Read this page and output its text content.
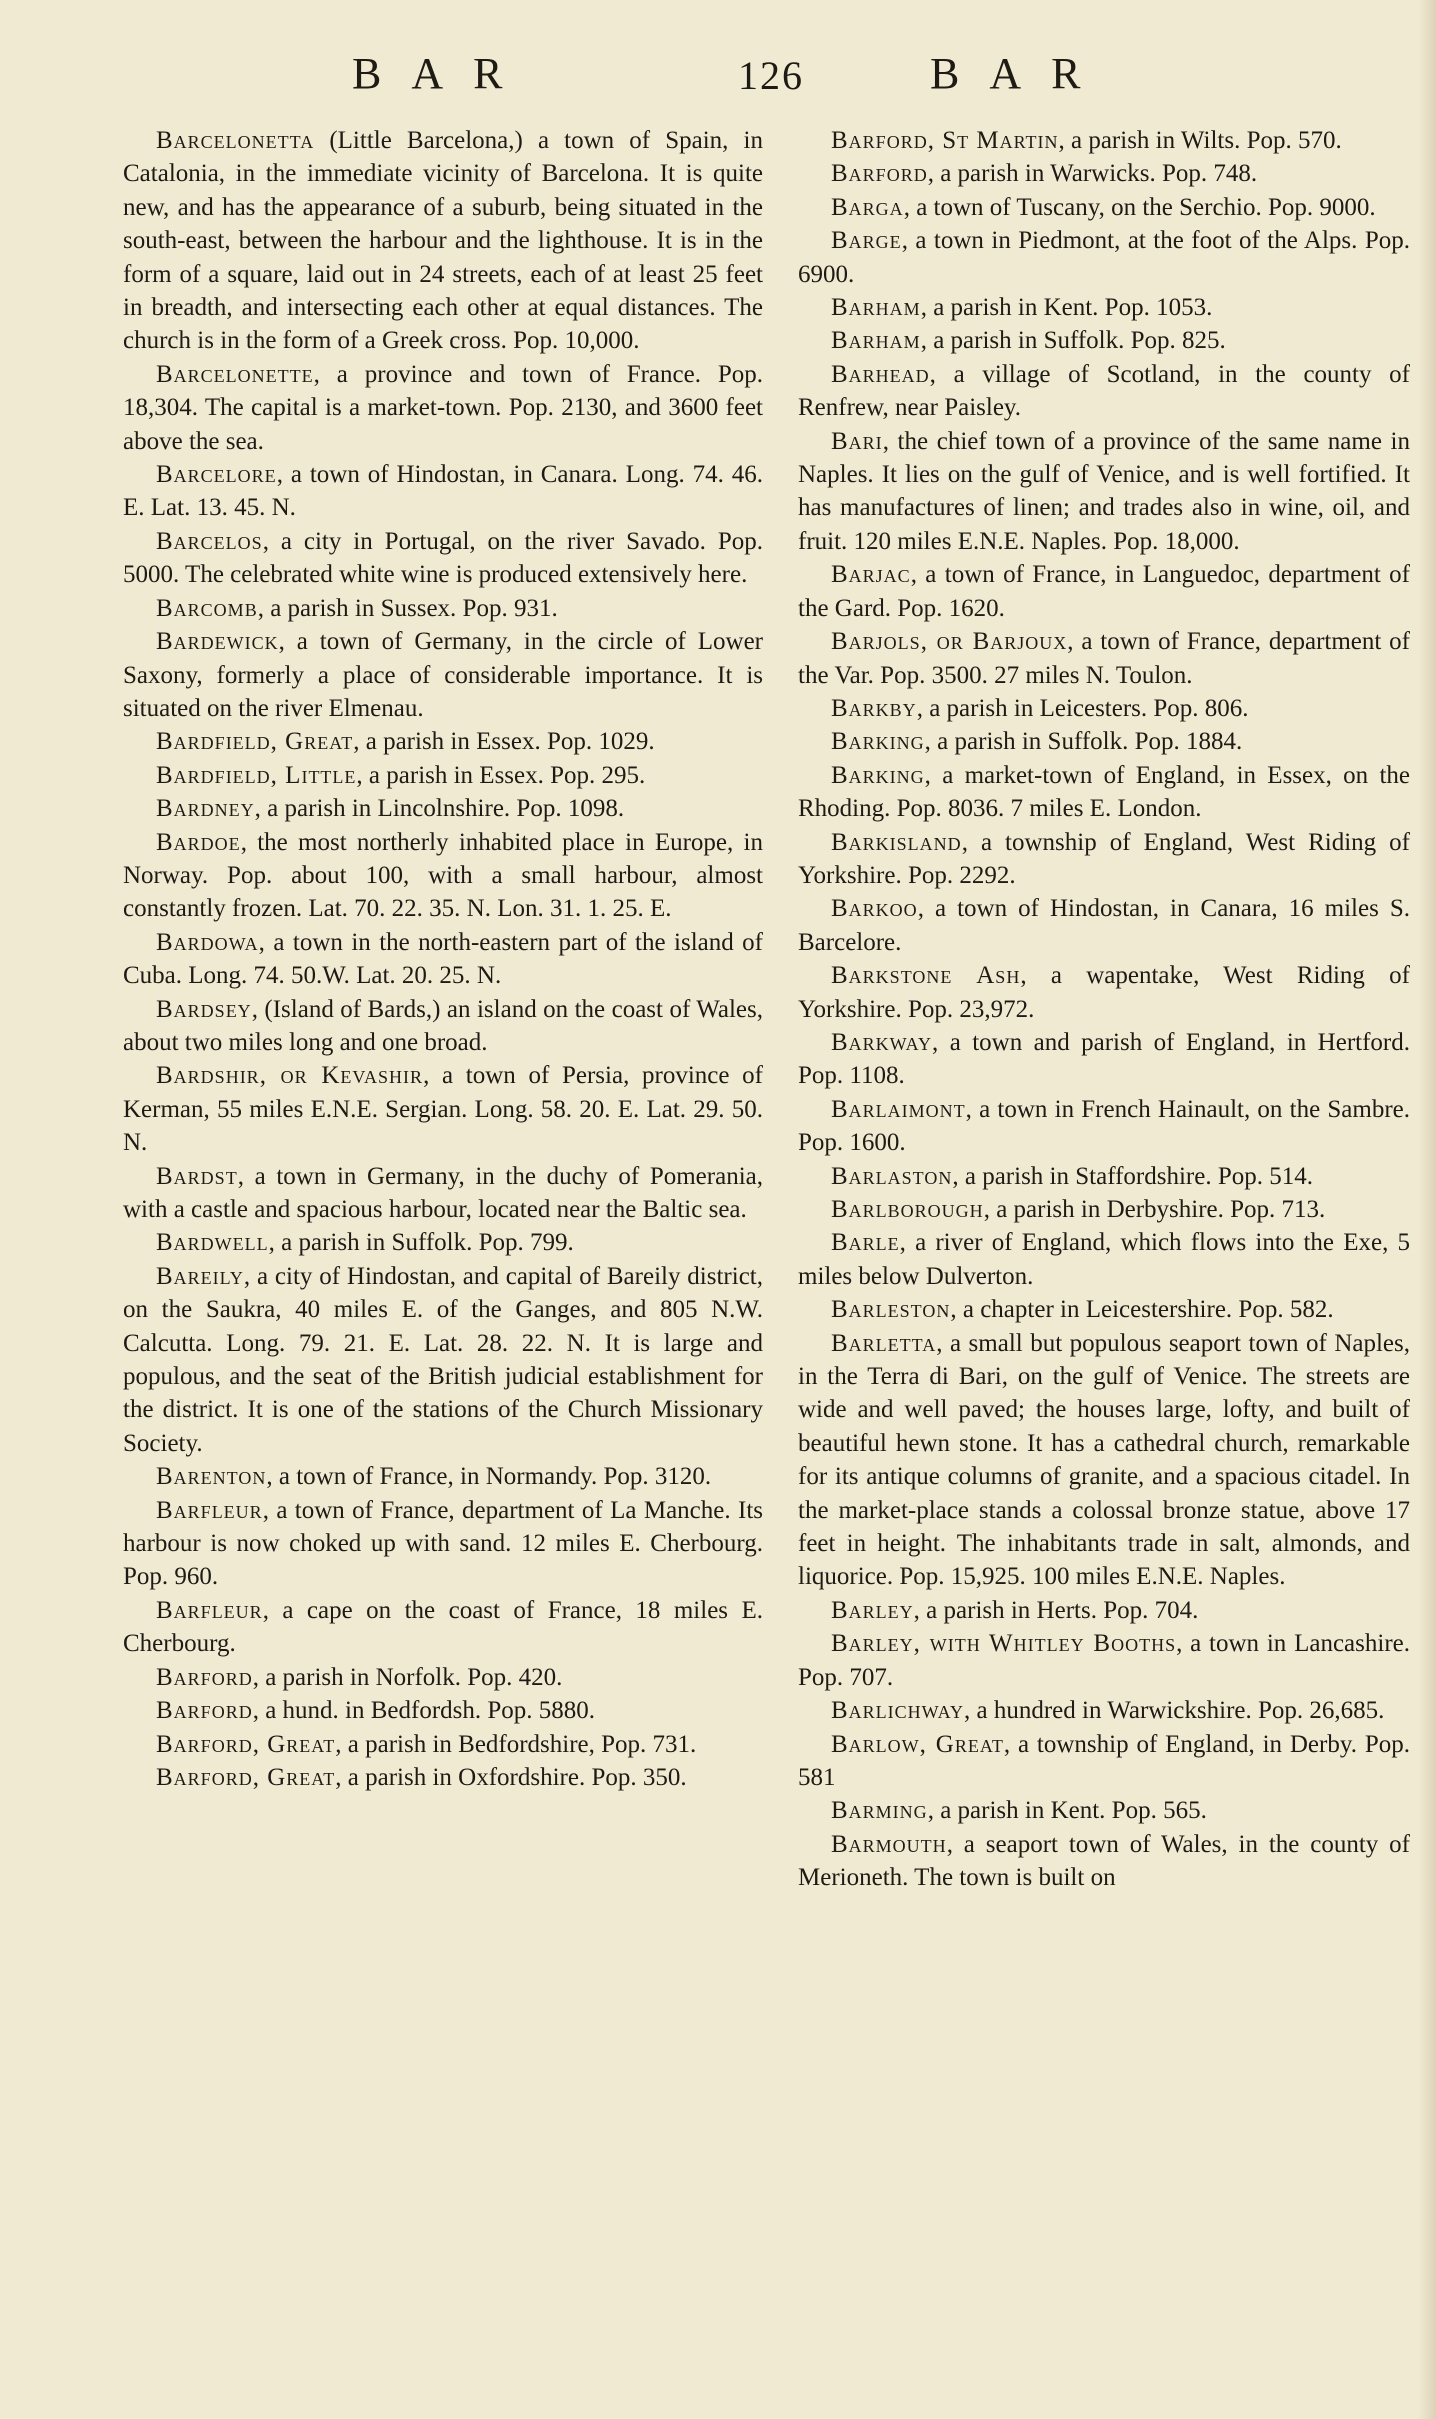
BAR	126	BAR

Barcelonetta (Little Barcelona,) a town of Spain, in Catalonia, in the immediate vicinity of Barcelona. It is quite new, and has the appearance of a suburb, being situated in the south-east, between the harbour and the lighthouse. It is in the form of a square, laid out in 24 streets, each of at least 25 feet in breadth, and intersecting each other at equal distances. The church is in the form of a Greek cross. Pop. 10,000.

Barcelonette, a province and town of France. Pop. 18,304. The capital is a market-town. Pop. 2130, and 3600 feet above the sea.

Barcelore, a town of Hindostan, in Canara. Long. 74. 46. E. Lat. 13. 45. N.

Barcelos, a city in Portugal, on the river Savado. Pop. 5000. The celebrated white wine is produced extensively here.

Barcomb, a parish in Sussex. Pop. 931.

Bardewick, a town of Germany, in the circle of Lower Saxony, formerly a place of considerable importance. It is situated on the river Elmenau.

Bardfield, Great, a parish in Essex. Pop. 1029.

Bardfield, Little, a parish in Essex. Pop. 295.

Bardney, a parish in Lincolnshire. Pop. 1098.

Bardoe, the most northerly inhabited place in Europe, in Norway. Pop. about 100, with a small harbour, almost constantly frozen. Lat. 70. 22. 35. N. Lon. 31. 1. 25. E.

Bardowa, a town in the north-eastern part of the island of Cuba. Long. 74. 50.W. Lat. 20. 25. N.

Bardsey, (Island of Bards,) an island on the coast of Wales, about two miles long and one broad.

Bardshir, or Kevashir, a town of Persia, province of Kerman, 55 miles E.N.E. Sergian. Long. 58. 20. E. Lat. 29. 50. N.

Bardst, a town in Germany, in the duchy of Pomerania, with a castle and spacious harbour, located near the Baltic sea.

Bardwell, a parish in Suffolk. Pop. 799.

Bareily, a city of Hindostan, and capital of Bareily district, on the Saukra, 40 miles E. of the Ganges, and 805 N.W. Calcutta. Long. 79. 21. E. Lat. 28. 22. N. It is large and populous, and the seat of the British judicial establishment for the district. It is one of the stations of the Church Missionary Society.

Barenton, a town of France, in Normandy. Pop. 3120.

Barfleur, a town of France, department of La Manche. Its harbour is now choked up with sand. 12 miles E. Cherbourg. Pop. 960.

Barfleur, a cape on the coast of France, 18 miles E. Cherbourg.

Barford, a parish in Norfolk. Pop. 420.

Barford, a hund. in Bedfordsh. Pop. 5880.

Barford, Great, a parish in Bedfordshire, Pop. 731.

Barford, Great, a parish in Oxfordshire. Pop. 350.

Barford, St Martin, a parish in Wilts. Pop. 570.

Barford, a parish in Warwicks. Pop. 748.

Barga, a town of Tuscany, on the Serchio. Pop. 9000.

Barge, a town in Piedmont, at the foot of the Alps. Pop. 6900.

Barham, a parish in Kent. Pop. 1053.

Barham, a parish in Suffolk. Pop. 825.

Barhead, a village of Scotland, in the county of Renfrew, near Paisley.

Bari, the chief town of a province of the same name in Naples. It lies on the gulf of Venice, and is well fortified. It has manufactures of linen; and trades also in wine, oil, and fruit. 120 miles E.N.E. Naples. Pop. 18,000.

Barjac, a town of France, in Languedoc, department of the Gard. Pop. 1620.

Barjols, or Barjoux, a town of France, department of the Var. Pop. 3500. 27 miles N. Toulon.

Barkby, a parish in Leicesters. Pop. 806.

Barking, a parish in Suffolk. Pop. 1884.

Barking, a market-town of England, in Essex, on the Rhoding. Pop. 8036. 7 miles E. London.

Barkisland, a township of England, West Riding of Yorkshire. Pop. 2292.

Barkoo, a town of Hindostan, in Canara, 16 miles S. Barcelore.

Barkstone Ash, a wapentake, West Riding of Yorkshire. Pop. 23,972.

Barkway, a town and parish of England, in Hertford. Pop. 1108.

Barlaimont, a town in French Hainault, on the Sambre. Pop. 1600.

Barlaston, a parish in Staffordshire. Pop. 514.

Barlborough, a parish in Derbyshire. Pop. 713.

Barle, a river of England, which flows into the Exe, 5 miles below Dulverton.

Barleston, a chapter in Leicestershire. Pop. 582.

Barletta, a small but populous seaport town of Naples, in the Terra di Bari, on the gulf of Venice. The streets are wide and well paved; the houses large, lofty, and built of beautiful hewn stone. It has a cathedral church, remarkable for its antique columns of granite, and a spacious citadel. In the market-place stands a colossal bronze statue, above 17 feet in height. The inhabitants trade in salt, almonds, and liquorice. Pop. 15,925. 100 miles E.N.E. Naples.

Barley, a parish in Herts. Pop. 704.

Barley, with Whitley Booths, a town in Lancashire. Pop. 707.

Barlichway, a hundred in Warwickshire. Pop. 26,685.

Barlow, Great, a township of England, in Derby. Pop. 581

Barming, a parish in Kent. Pop. 565.

Barmouth, a seaport town of Wales, in the county of Merioneth. The town is built on
